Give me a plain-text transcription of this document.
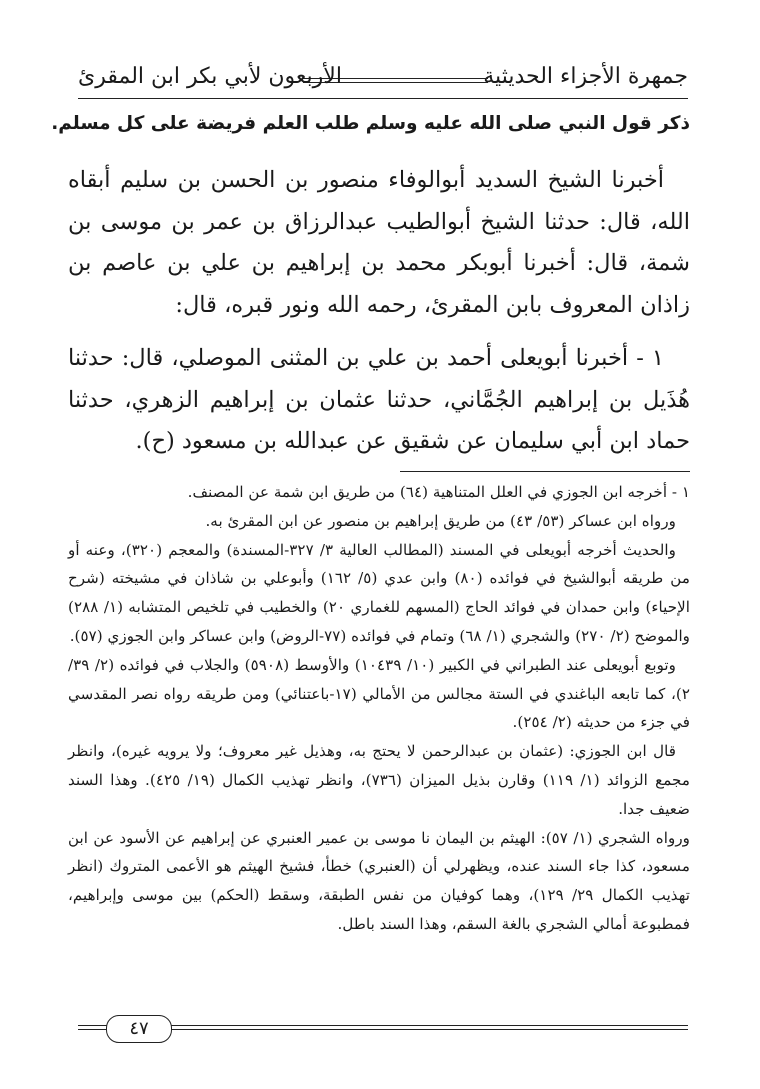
جمهرة الأجزاء الحديثية
الأربعون لأبي بكر ابن المقرئ
ذكر قول النبي صلى الله عليه وسلم طلب العلم فريضة على كل مسلم.

أخبرنا الشيخ السديد أبوالوفاء منصور بن الحسن بن سليم أبقاه الله، قال: حدثنا الشيخ أبوالطيب عبدالرزاق بن عمر بن موسى بن شمة، قال: أخبرنا أبوبكر محمد بن إبراهيم بن علي بن عاصم بن زاذان المعروف بابن المقرئ، رحمه الله ونور قبره، قال:

١ - أخبرنا أبويعلى أحمد بن علي بن المثنى الموصلي، قال: حدثنا هُذَيل بن إبراهيم الجُمَّاني، حدثنا عثمان بن إبراهيم الزهري، حدثنا حماد ابن أبي سليمان عن شقيق عن عبدالله بن مسعود (ح).

١ - أخرجه ابن الجوزي في العلل المتناهية (٦٤) من طريق ابن شمة عن المصنف.

ورواه ابن عساكر (٥٣/ ٤٣) من طريق إبراهيم بن منصور عن ابن المقرئ به.

والحديث أخرجه أبويعلى في المسند (المطالب العالية ٣/ ٣٢٧-المسندة) والمعجم (٣٢٠)، وعنه أو من طريقه أبوالشيخ في فوائده (٨٠) وابن عدي (٥/ ١٦٢) وأبوعلي بن شاذان في مشيخته (شرح الإحياء) وابن حمدان في فوائد الحاج (المسهم للغماري ٢٠) والخطيب في تلخيص المتشابه (١/ ٢٨٨) والموضح (٢/ ٢٧٠) والشجري (١/ ٦٨) وتمام في فوائده (٧٧-الروض) وابن عساكر وابن الجوزي (٥٧).

وتوبع أبويعلى عند الطبراني في الكبير (١٠/ ١٠٤٣٩) والأوسط (٥٩٠٨) والجلاب في فوائده (٢/ ٣٩/ ٢)، كما تابعه الباغندي في الستة مجالس من الأمالي (١٧-باعتنائي) ومن طريقه رواه نصر المقدسي في جزء من حديثه (٢/ ٢٥٤).

قال ابن الجوزي: (عثمان بن عبدالرحمن لا يحتج به، وهذيل غير معروف؛ ولا يرويه غيره)، وانظر مجمع الزوائد (١/ ١١٩) وقارن بذيل الميزان (٧٣٦)، وانظر تهذيب الكمال (١٩/ ٤٢٥). وهذا السند ضعيف جدا.

ورواه الشجري (١/ ٥٧): الهيثم بن اليمان نا موسى بن عمير العنبري عن إبراهيم عن الأسود عن ابن مسعود، كذا جاء السند عنده، ويظهرلي أن (العنبري) خطأ، فشيخ الهيثم هو الأعمى المتروك (انظر تهذيب الكمال ٢٩/ ١٢٩)، وهما كوفيان من نفس الطبقة، وسقط (الحكم) بين موسى وإبراهيم، فمطبوعة أمالي الشجري بالغة السقم، وهذا السند باطل.

٤٧
